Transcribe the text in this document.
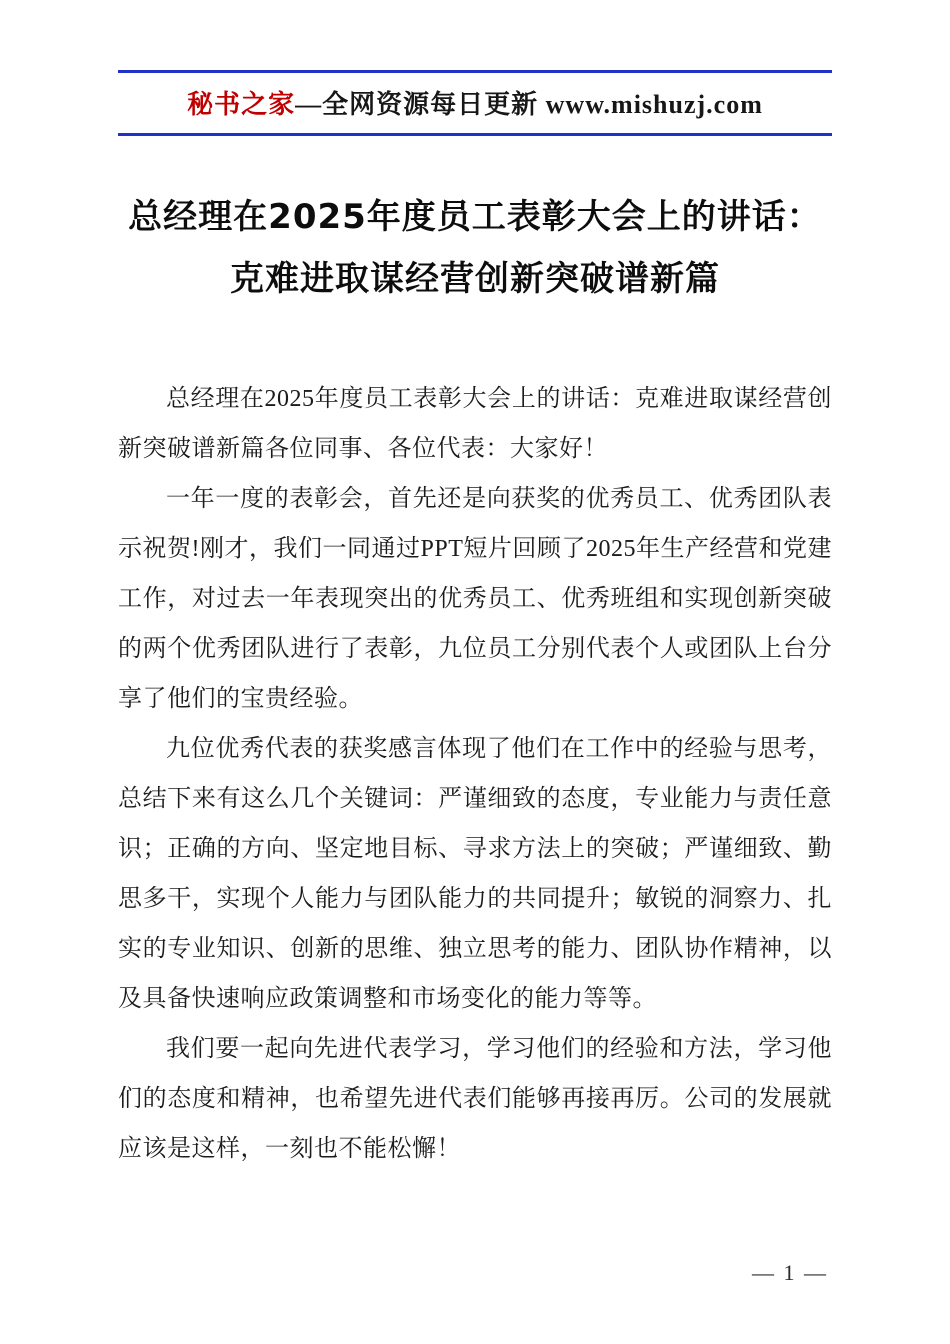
秘书之家—全网资源每日更新 www.mishuzj.com
总经理在2025年度员工表彰大会上的讲话：
克难进取谋经营创新突破谱新篇

总经理在2025年度员工表彰大会上的讲话：克难进取谋经营创新突破谱新篇各位同事、各位代表：大家好！

一年一度的表彰会，首先还是向获奖的优秀员工、优秀团队表示祝贺!刚才，我们一同通过PPT短片回顾了2025年生产经营和党建工作，对过去一年表现突出的优秀员工、优秀班组和实现创新突破的两个优秀团队进行了表彰，九位员工分别代表个人或团队上台分享了他们的宝贵经验。

九位优秀代表的获奖感言体现了他们在工作中的经验与思考，总结下来有这么几个关键词：严谨细致的态度，专业能力与责任意识；正确的方向、坚定地目标、寻求方法上的突破；严谨细致、勤思多干，实现个人能力与团队能力的共同提升；敏锐的洞察力、扎实的专业知识、创新的思维、独立思考的能力、团队协作精神，以及具备快速响应政策调整和市场变化的能力等等。

我们要一起向先进代表学习，学习他们的经验和方法，学习他们的态度和精神，也希望先进代表们能够再接再厉。公司的发展就应该是这样，一刻也不能松懈！

— 1 —
